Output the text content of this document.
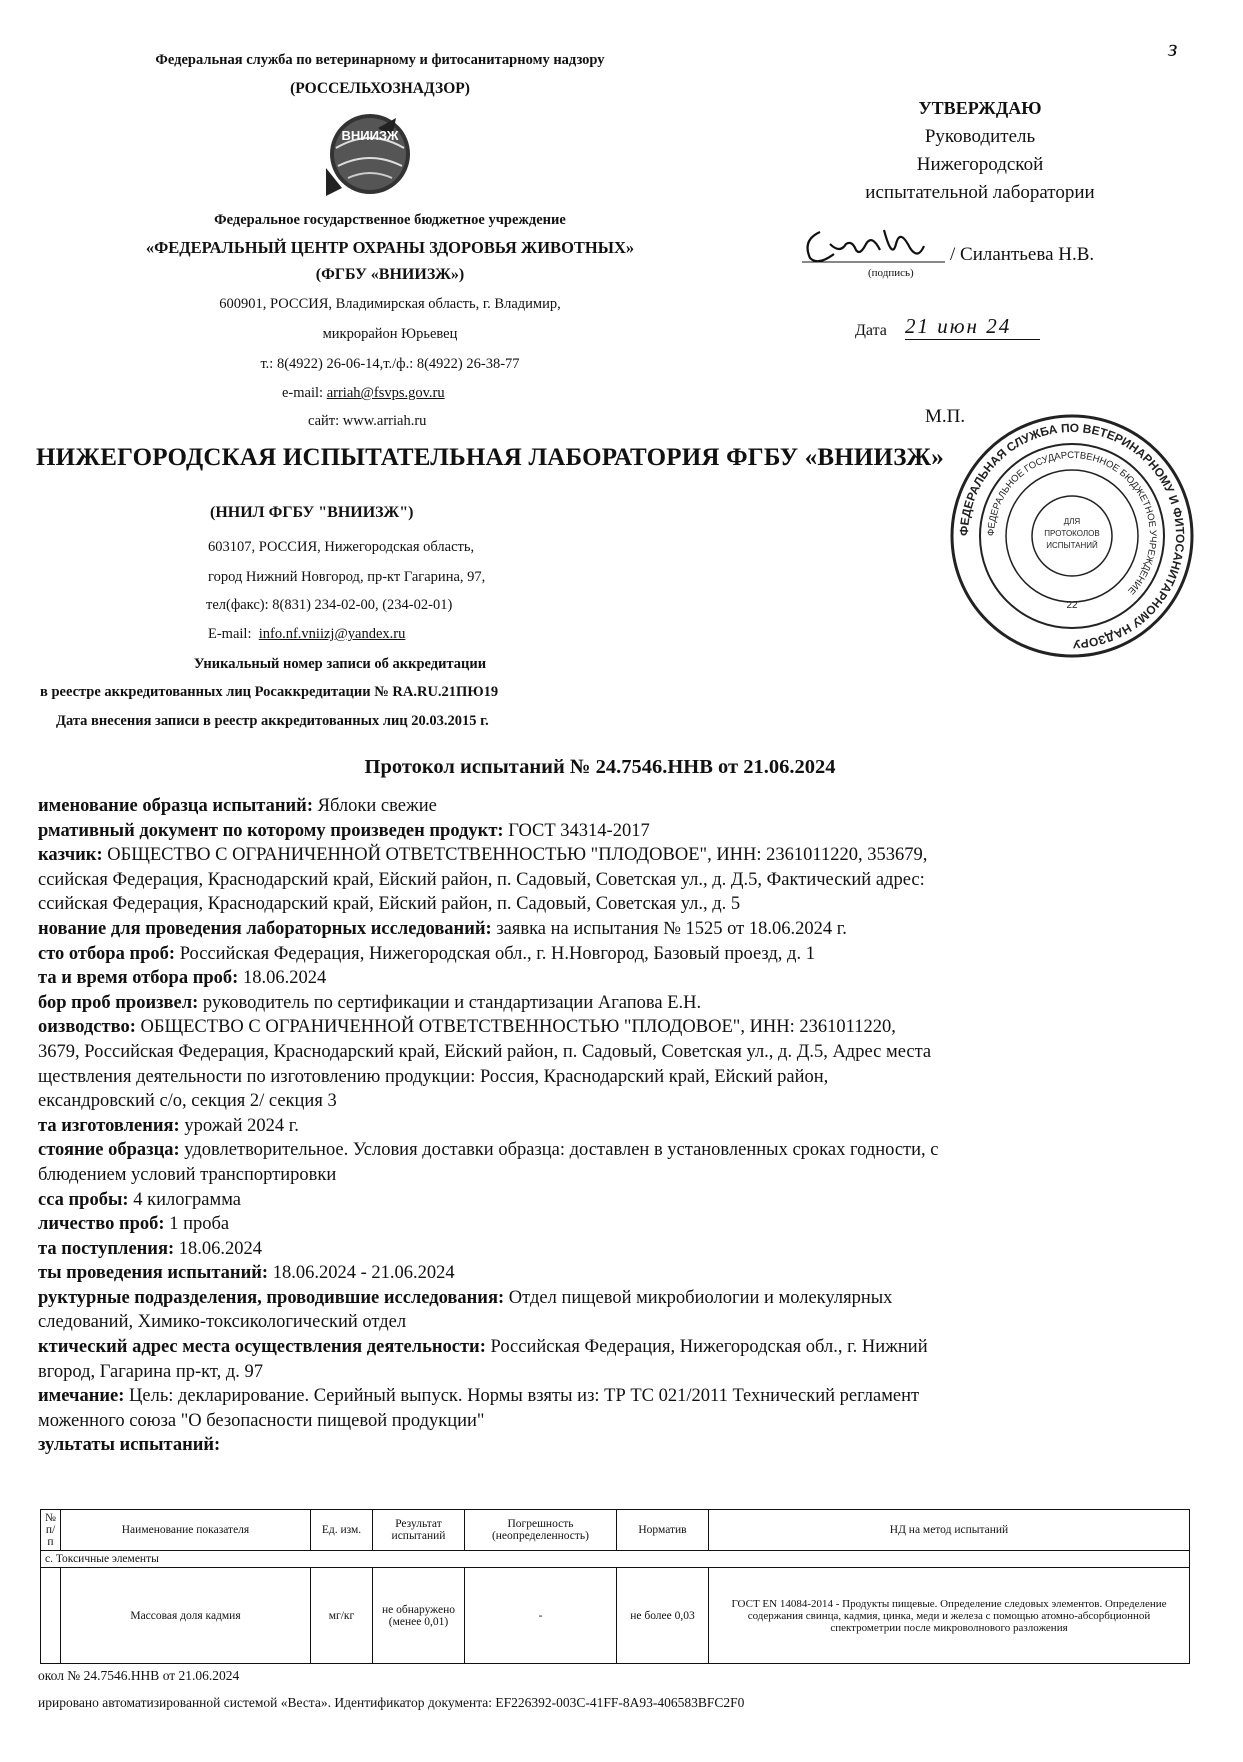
Федеральная служба по ветеринарному и фитосанитарному надзору
(РОССЕЛЬХОЗНАДЗОР)
ВНИИЗЖ
Федеральное государственное бюджетное учреждение
«ФЕДЕРАЛЬНЫЙ ЦЕНТР ОХРАНЫ ЗДОРОВЬЯ ЖИВОТНЫХ»
(ФГБУ «ВНИИЗЖ»)
600901, РОССИЯ, Владимирская область, г. Владимир,
микрорайон Юрьевец
т.: 8(4922) 26-06-14,т./ф.: 8(4922) 26-38-77
e-mail: arriah@fsvps.gov.ru
сайт: www.arriah.ru
УТВЕРЖДАЮ
Руководитель
Нижегородской
испытательной лаборатории
/ Силантьева Н.В.
(подпись)
Дата 21 июн 24
М.П.
ФЕДЕРАЛЬНАЯ СЛУЖБА ПО ВЕТЕРИНАРНОМУ И ФИТОСАНИТАРНОМУ НАДЗОРУ
ФЕДЕРАЛЬНОЕ ГОСУДАРСТВЕННОЕ БЮДЖЕТНОЕ УЧРЕЖДЕНИЕ
ДЛЯ
ПРОТОКОЛОВ
ИСПЫТАНИЙ
22
НИЖЕГОРОДСКАЯ ИСПЫТАТЕЛЬНАЯ ЛАБОРАТОРИЯ ФГБУ «ВНИИЗЖ»
(ННИЛ ФГБУ "ВНИИЗЖ")
603107, РОССИЯ, Нижегородская область,
город Нижний Новгород, пр-кт Гагарина, 97,
тел(факс): 8(831) 234-02-00, (234-02-01)
E-mail: info.nf.vniizj@yandex.ru
Уникальный номер записи об аккредитации
в реестре аккредитованных лиц Росаккредитации № RA.RU.21ПЮ19
Дата внесения записи в реестр аккредитованных лиц 20.03.2015 г.
Протокол испытаний № 24.7546.ННВ от 21.06.2024
именование образца испытаний: Яблоки свежие
рмативный документ по которому произведен продукт: ГОСТ 34314-2017
казчик: ОБЩЕСТВО С ОГРАНИЧЕННОЙ ОТВЕТСТВЕННОСТЬЮ "ПЛОДОВОЕ", ИНН: 2361011220, 353679,
ссийская Федерация, Краснодарский край, Ейский район, п. Садовый, Советская ул., д. Д.5, Фактический адрес:
ссийская Федерация, Краснодарский край, Ейский район, п. Садовый, Советская ул., д. 5
нование для проведения лабораторных исследований: заявка на испытания № 1525 от 18.06.2024 г.
сто отбора проб: Российская Федерация, Нижегородская обл., г. Н.Новгород, Базовый проезд, д. 1
та и время отбора проб: 18.06.2024
бор проб произвел: руководитель по сертификации и стандартизации Агапова Е.Н.
оизводство: ОБЩЕСТВО С ОГРАНИЧЕННОЙ ОТВЕТСТВЕННОСТЬЮ "ПЛОДОВОЕ", ИНН: 2361011220,
3679, Российская Федерация, Краснодарский край, Ейский район, п. Садовый, Советская ул., д. Д.5, Адрес места
ществления деятельности по изготовлению продукции: Россия, Краснодарский край, Ейский район,
ександровский с/о, секция 2/ секция 3
та изготовления: урожай 2024 г.
стояние образца: удовлетворительное. Условия доставки образца: доставлен в установленных сроках годности, с
блюдением условий транспортировки
сса пробы: 4 килограмма
личество проб: 1 проба
та поступления: 18.06.2024
ты проведения испытаний: 18.06.2024 - 21.06.2024
руктурные подразделения, проводившие исследования: Отдел пищевой микробиологии и молекулярных
следований, Химико-токсикологический отдел
ктический адрес места осуществления деятельности: Российская Федерация, Нижегородская обл., г. Нижний
вгород, Гагарина пр-кт, д. 97
имечание: Цель: декларирование. Серийный выпуск. Нормы взяты из: ТР ТС 021/2011 Технический регламент
моженного союза "О безопасности пищевой продукции"
зультаты испытаний:
№ п/п	Наименование показателя	Ед. изм.	Результат испытаний	Погрешность (неопределенность)	Норматив	НД на метод испытаний
с. Токсичные элементы						
	Массовая доля кадмия	мг/кг	не обнаружено (менее 0,01)	-	не более 0,03	ГОСТ EN 14084-2014 - Продукты пищевые. Определение следовых элементов. Определение содержания свинца, кадмия, цинка, меди и железа с помощью атомно-абсорбционной спектрометрии после микроволнового разложения
окол № 24.7546.ННВ от 21.06.2024
ирировано автоматизированной системой «Веста». Идентификатор документа: EF226392-003C-41FF-8A93-406583BFC2F0
з
